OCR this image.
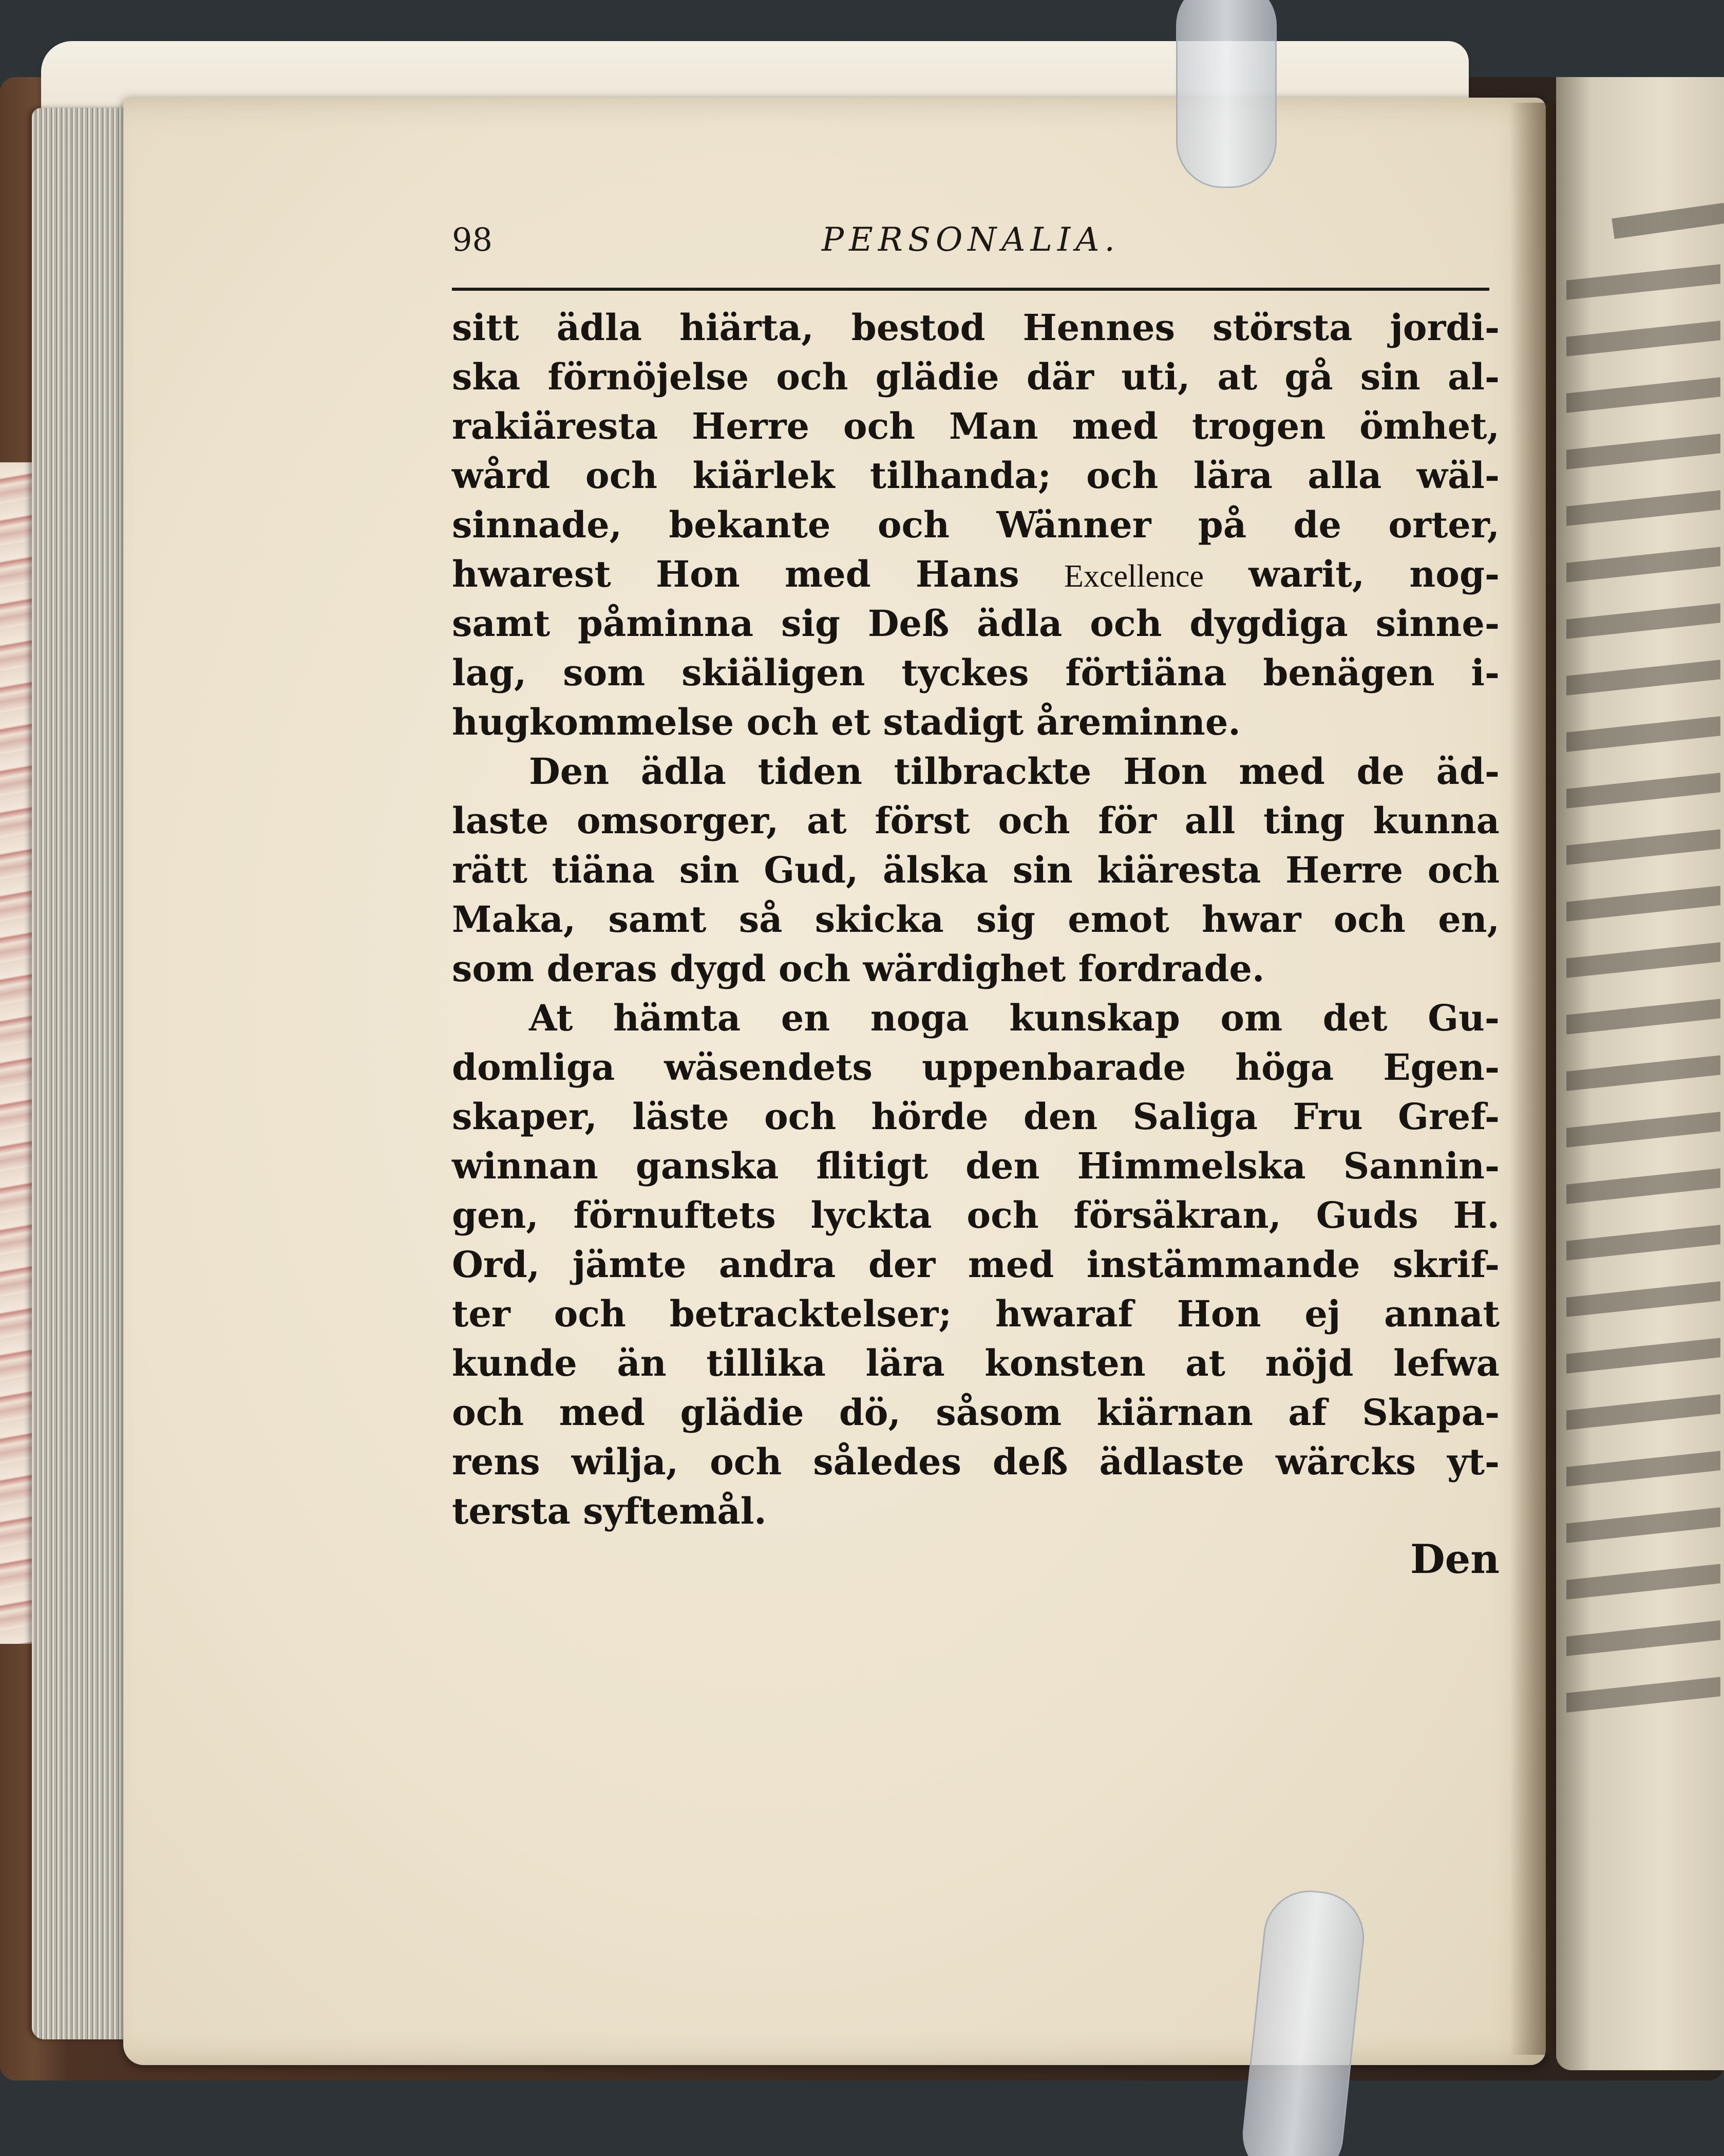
98	PERSONALIA.
sitt ädla hiärta, bestod Hennes största jordi-
ska förnöjelse och glädie där uti, at gå sin al-
rakiäresta Herre och Man med trogen ömhet,
wård och kiärlek tilhanda; och lära alla wäl-
sinnade, bekante och Wänner på de orter,
hwarest Hon med Hans Excellence warit, nog-
samt påminna sig Deß ädla och dygdiga sinne-
lag, som skiäligen tyckes förtiäna benägen i-
hugkommelse och et stadigt åreminne.
Den ädla tiden tilbrackte Hon med de äd-
laste omsorger, at först och för all ting kunna
rätt tiäna sin Gud, älska sin kiäresta Herre och
Maka, samt så skicka sig emot hwar och en,
som deras dygd och wärdighet fordrade.
At hämta en noga kunskap om det Gu-
domliga wäsendets uppenbarade höga Egen-
skaper, läste och hörde den Saliga Fru Gref-
winnan ganska flitigt den Himmelska Sannin-
gen, förnuftets lyckta och försäkran, Guds H.
Ord, jämte andra der med instämmande skrif-
ter och betracktelser; hwaraf Hon ej annat
kunde än tillika lära konsten at nöjd lefwa
och med glädie dö, såsom kiärnan af Skapa-
rens wilja, och således deß ädlaste wärcks yt-
tersta syftemål.
Den
